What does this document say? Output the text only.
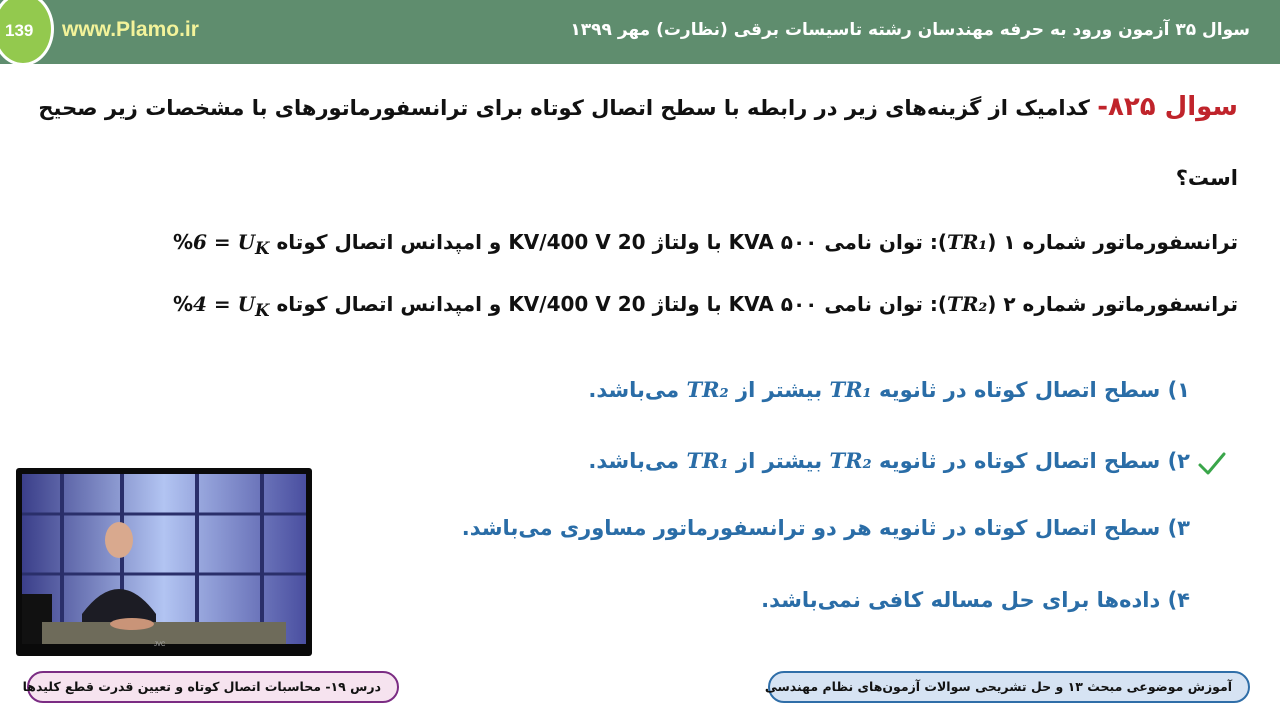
سوال ۳۵ آزمون ورود به حرفه مهندسان رشته تاسیسات برقی (نظارت) مهر ۱۳۹۹
www.Plamo.ir
139
سوال ۸۲۵- کدامیک از گزینه‌های زیر در رابطه با سطح اتصال کوتاه برای ترانسفورماتورهای با مشخصات زیر صحیح
است؟
ترانسفورماتور شماره ۱ (TR₁): توان نامی ۵۰۰ KVA با ولتاژ 20 KV/400 V و امپدانس اتصال کوتاه $6 = U_K\%$
ترانسفورماتور شماره ۲ (TR₂): توان نامی ۵۰۰ KVA با ولتاژ 20 KV/400 V و امپدانس اتصال کوتاه $4 = U_K\%$
۱) سطح اتصال کوتاه در ثانویه TR₁ بیشتر از TR₂ می‌باشد.
۲) سطح اتصال کوتاه در ثانویه TR₂ بیشتر از TR₁ می‌باشد.
۳) سطح اتصال کوتاه در ثانویه هر دو ترانسفورماتور مساوری می‌باشد.
۴) داده‌ها برای حل مساله کافی نمی‌باشد.
JVC
درس ۱۹- محاسبات اتصال کوتاه و تعیین قدرت قطع کلیدها	آموزش موضوعی مبحث ۱۳ و حل تشریحی سوالات آزمون‌های نظام مهندسی
